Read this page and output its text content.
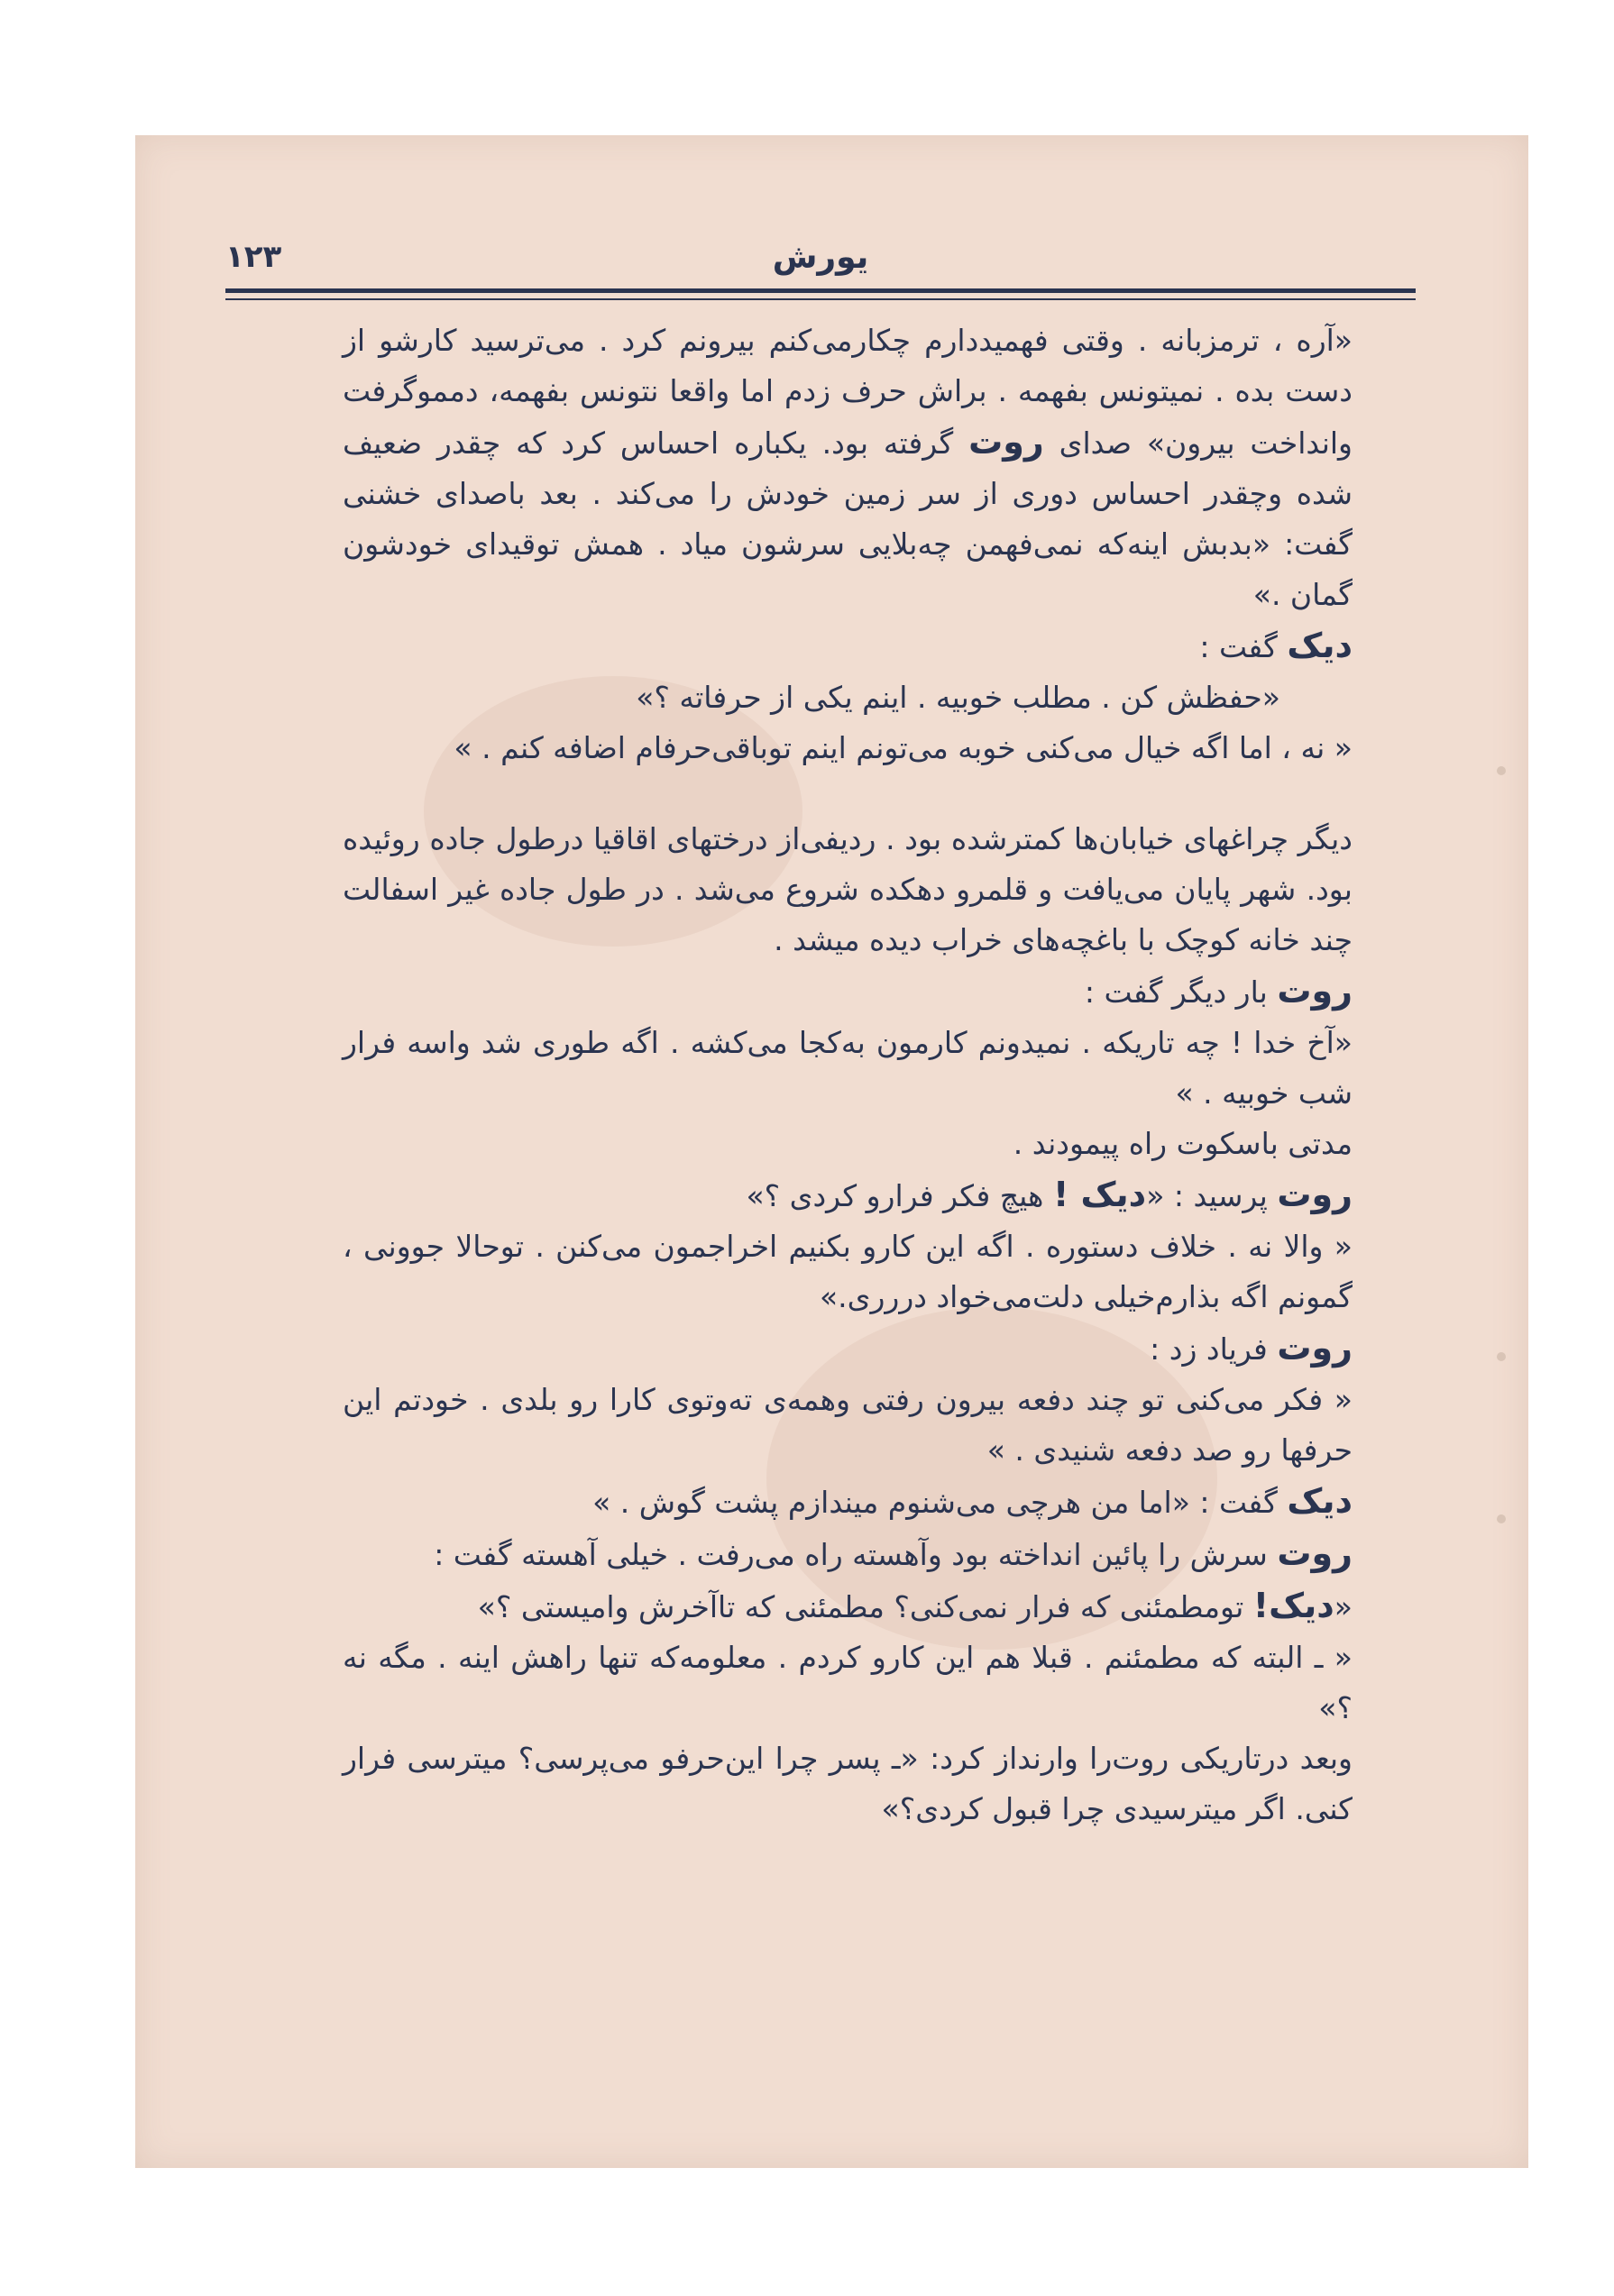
۱۲۳	یورش

«آره ، ترمزبانه . وقتی فهمیددارم چکارمی‌کنم بیرونم کرد . می‌ترسید کارشو از دست بده . نمیتونس بفهمه . براش حرف زدم اما واقعا نتونس بفهمه، دمموگرفت وانداخت بیرون» صدای روت گرفته بود. یکباره احساس کرد که چقدر ضعیف شده وچقدر احساس دوری از سر زمین خودش را می‌کند . بعد باصدای خشنی گفت: «بدبش اینه‌که نمی‌فهمن چه‌بلایی سرشون میاد . همش توقیدای خودشون گمان .»

دیک گفت :

«حفظش کن . مطلب خوبیه . اینم یکی از حرفاته ؟»

« نه ، اما اگه خیال می‌کنی خوبه می‌تونم اینم توباقی‌حرفام اضافه کنم . »

دیگر چراغهای خیابان‌ها کمترشده بود . ردیفی‌از درختهای اقاقیا درطول جاده روئیده بود. شهر پایان می‌یافت و قلمرو دهکده شروع می‌شد . در طول جاده غیر اسفالت چند خانه کوچک با باغچه‌های خراب دیده میشد .

روت بار دیگر گفت :

«آخ خدا ! چه تاریکه . نمیدونم کارمون به‌کجا می‌کشه . اگه طوری شد واسه فرار شب خوبیه . »

مدتی باسکوت راه پیمودند .

روت پرسید : «دیک ! هیچ فکر فرارو کردی ؟»

« والا نه . خلاف دستوره . اگه این کارو بکنیم اخراجمون می‌کنن . توحالا جوونی ، گمونم اگه بذارم‌خیلی دلت‌می‌خواد دررری.»

روت فریاد زد :

« فکر می‌کنی تو چند دفعه بیرون رفتی وهمه‌ی ته‌وتوی کارا رو بلدی . خودتم این حرفها رو صد دفعه شنیدی . »

دیک گفت : «اما من هرچی می‌شنوم میندازم پشت گوش . »

روت سرش را پائین انداخته بود وآهسته راه می‌رفت . خیلی آهسته گفت :

«دیک! تومطمئنی که فرار نمی‌کنی؟ مطمئنی که تاآخرش وامیستی ؟»

« ـ البته که مطمئنم . قبلا هم این کارو کردم . معلومه‌که تنها راهش اینه . مگه نه ؟»

وبعد درتاریکی روت‌را وارنداز کرد: «ـ پسر چرا این‌حرفو می‌پرسی؟ میترسی فرار کنی. اگر میترسیدی چرا قبول کردی؟»
